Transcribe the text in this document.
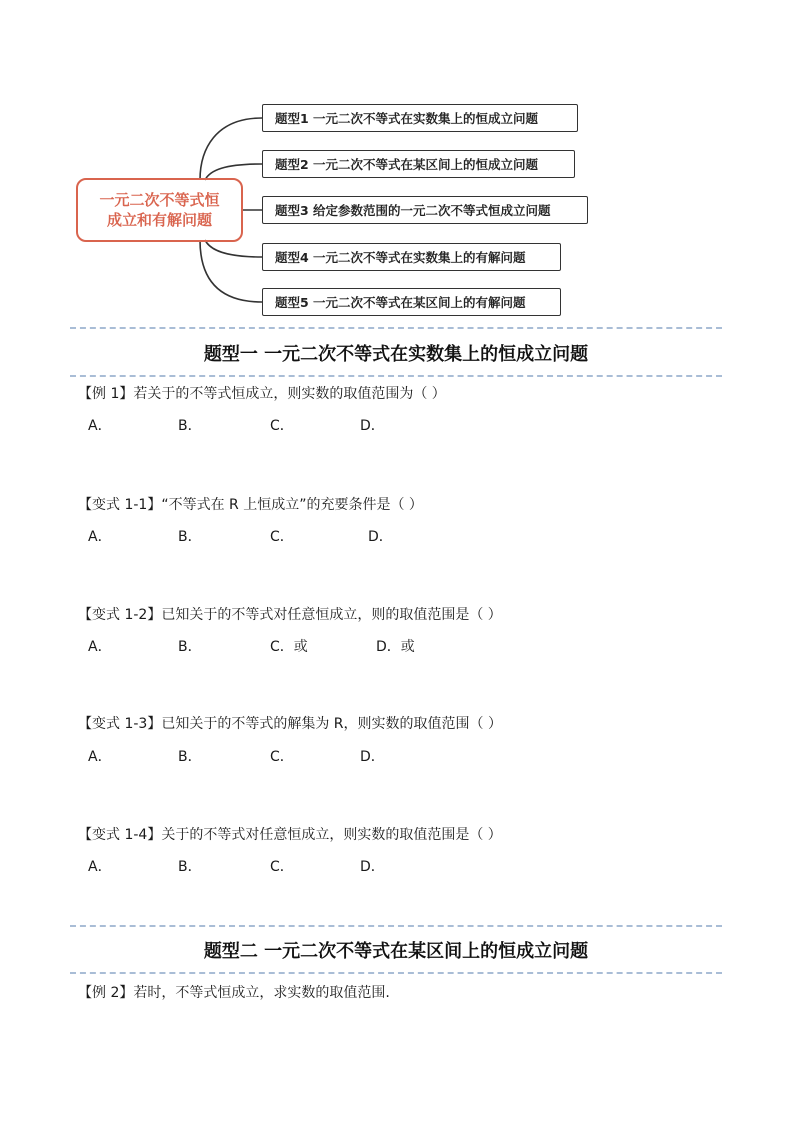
一元二次不等式恒
成立和有解问题
题型1 一元二次不等式在实数集上的恒成立问题
题型2 一元二次不等式在某区间上的恒成立问题
题型3 给定参数范围的一元二次不等式恒成立问题
题型4 一元二次不等式在实数集上的有解问题
题型5 一元二次不等式在某区间上的有解问题
题型一 一元二次不等式在实数集上的恒成立问题
【例 1】若关于的不等式恒成立，则实数的取值范围为（ ）
A．	B．	C．	D．
【变式 1-1】“不等式在 R 上恒成立”的充要条件是（ ）
A．	B．	C．	D．
【变式 1-2】已知关于的不等式对任意恒成立，则的取值范围是（ ）
A．	B．	C．或	D．或
【变式 1-3】已知关于的不等式的解集为 R，则实数的取值范围（ ）
A．	B．	C．	D．
【变式 1-4】关于的不等式对任意恒成立，则实数的取值范围是（ ）
A．	B．	C．	D．
题型二 一元二次不等式在某区间上的恒成立问题
【例 2】若时，不等式恒成立，求实数的取值范围.
